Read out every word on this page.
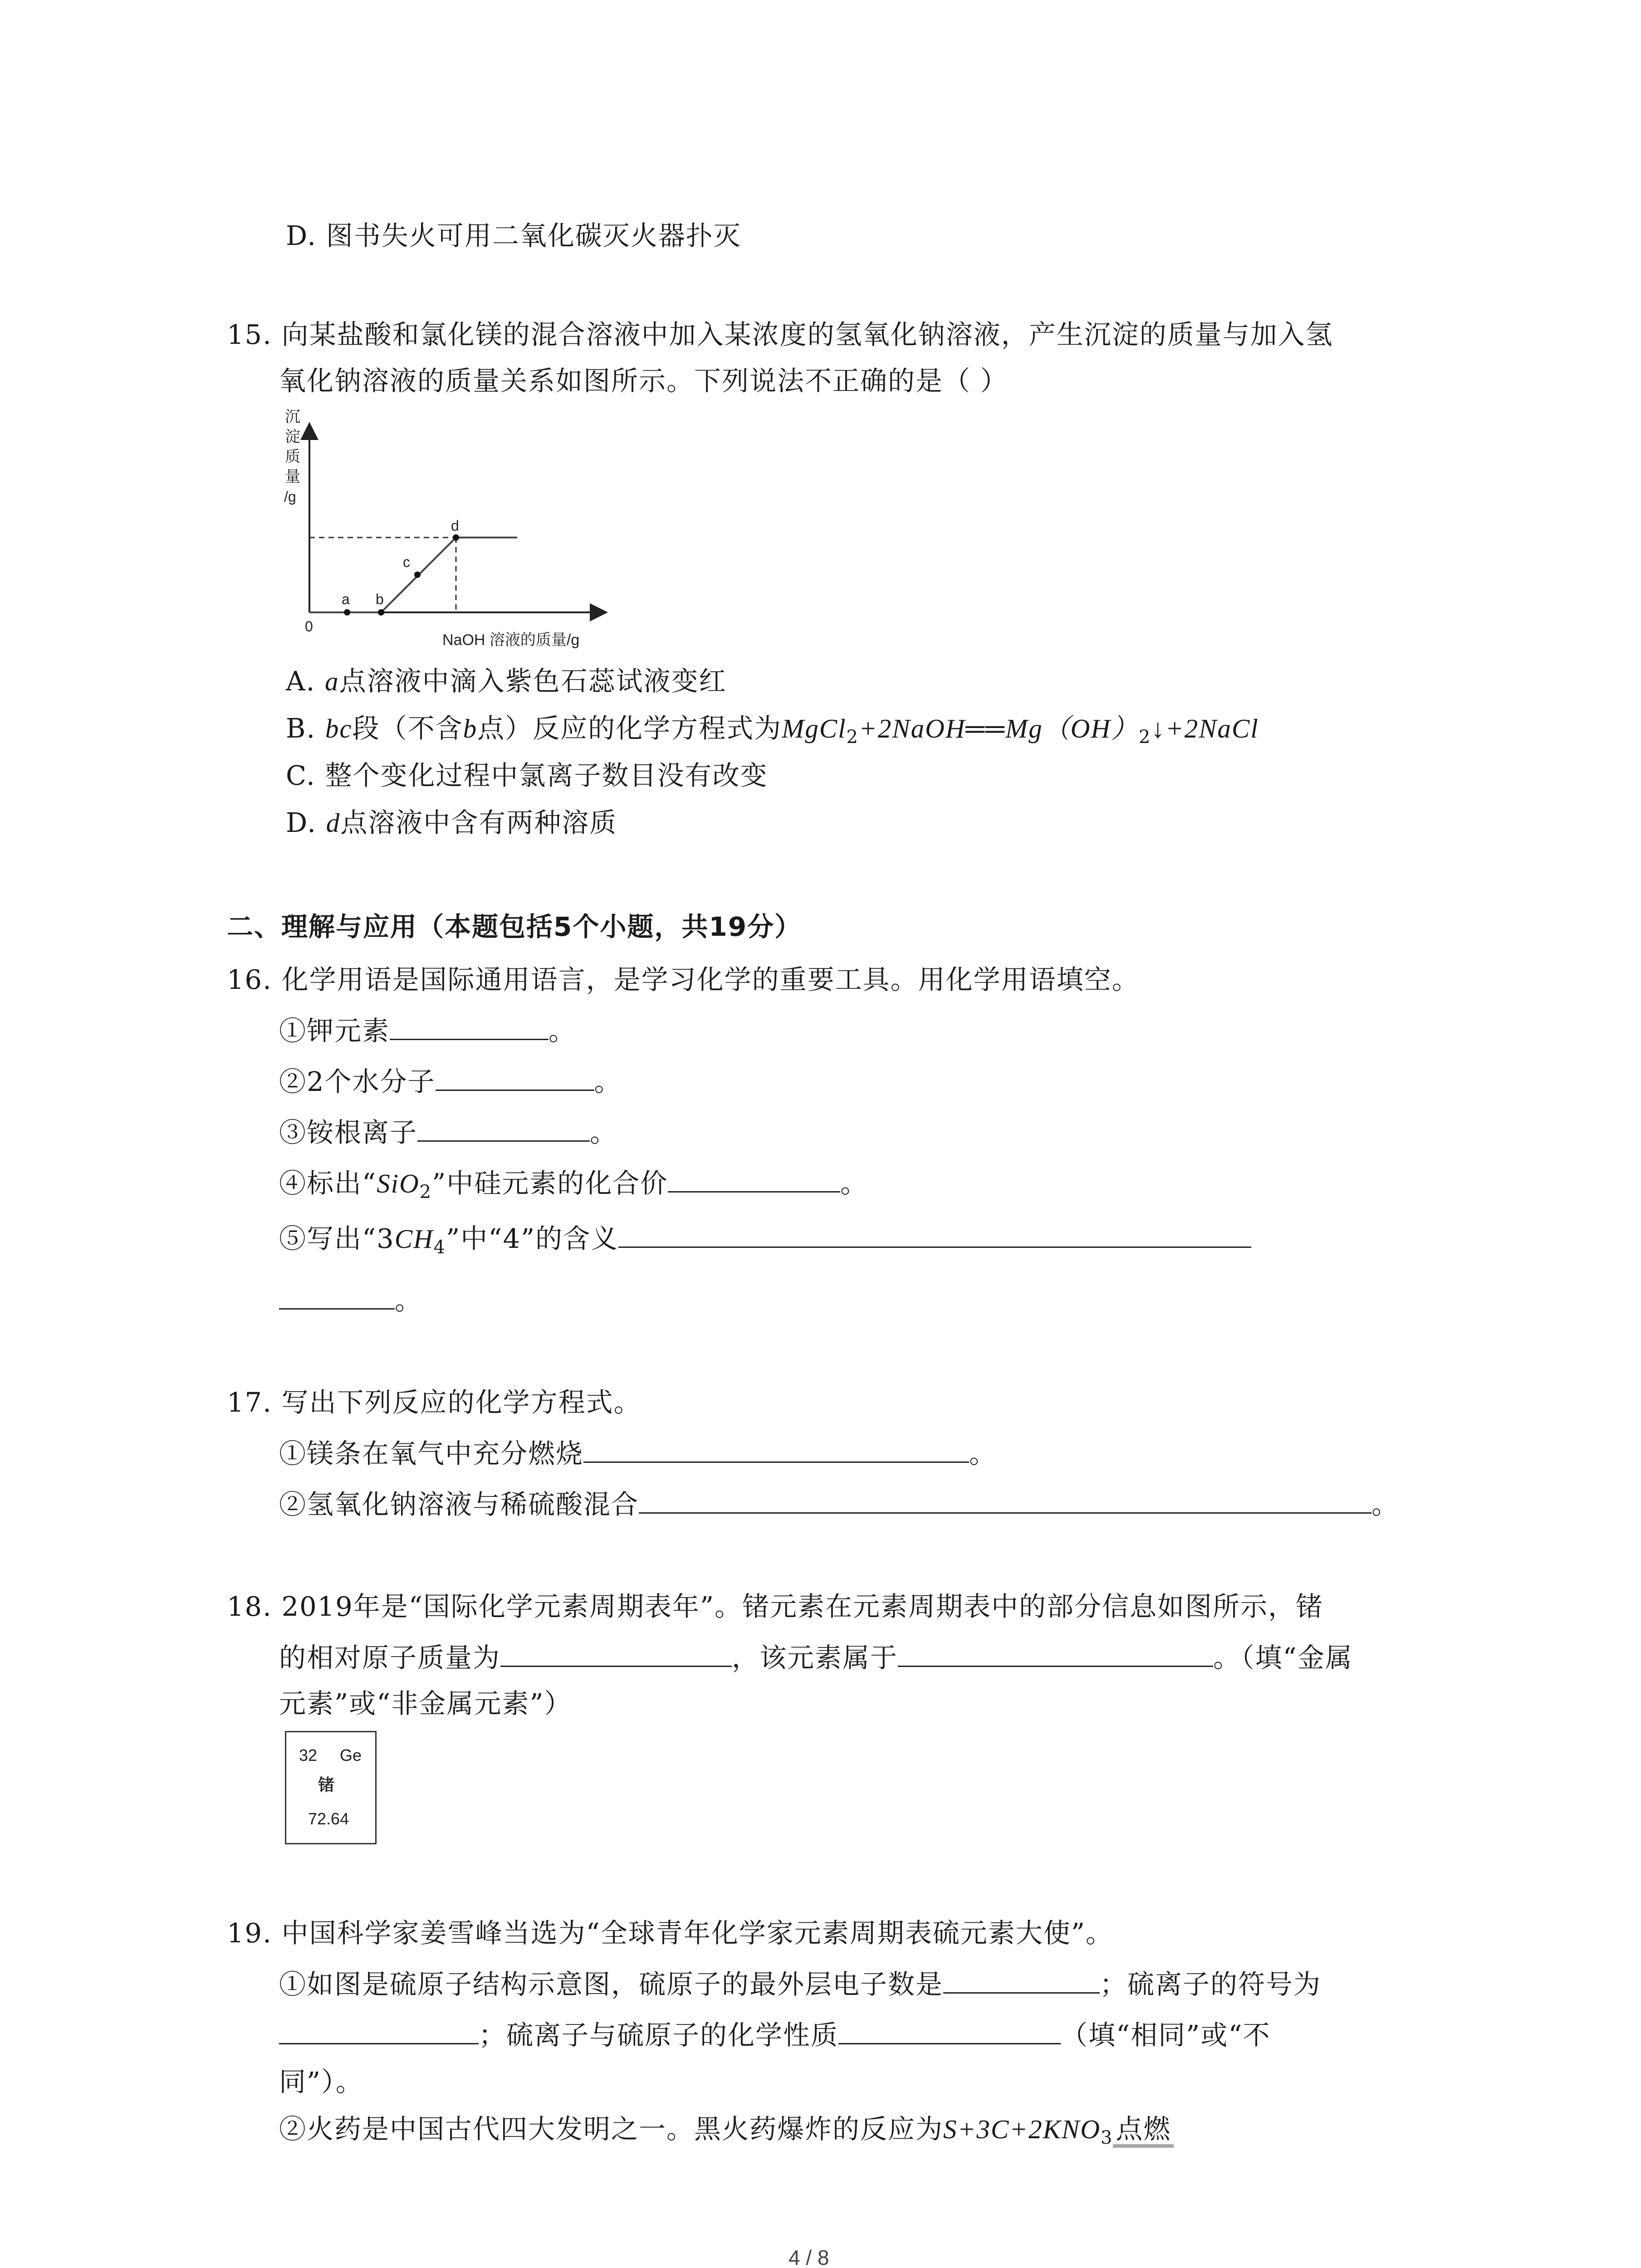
D. 图书失火可用二氧化碳灭火器扑灭
15. 向某盐酸和氯化镁的混合溶液中加入某浓度的氢氧化钠溶液，产生沉淀的质量与加入氢
氧化钠溶液的质量关系如图所示。下列说法不正确的是（ ）
沉
淀
质
量
/g
a b
c
d
0
NaOH 溶液的质量/g
A. a点溶液中滴入紫色石蕊试液变红
B. bc段（不含b点）反应的化学方程式为$MgCl_2+2NaOH══Mg(OH)_2↓+2NaCl$
C. 整个变化过程中氯离子数目没有改变
D. d点溶液中含有两种溶质
二、理解与应用（本题包括5个小题，共19分）
16. 化学用语是国际通用语言，是学习化学的重要工具。用化学用语填空。
①钾元素	。
②2个水分子	。
③铵根离子	。
④标出“SiO$_2$”中硅元素的化合价	。
⑤写出“$3CH_4$”中“4”的含义
。
17. 写出下列反应的化学方程式。
①镁条在氧气中充分燃烧	。
②氢氧化钠溶液与稀硫酸混合	。
18. 2019年是“国际化学元素周期表年”。锗元素在元素周期表中的部分信息如图所示，锗
的相对原子质量为	，该元素属于	。（填“金属
元素”或“非金属元素”）
32 Ge
锗
72.64
19. 中国科学家姜雪峰当选为“全球青年化学家元素周期表硫元素大使”。
①如图是硫原子结构示意图，硫原子的最外层电子数是	；硫离子的符号为
；硫离子与硫原子的化学性质	（填“相同”或“不
同”）。
②火药是中国古代四大发明之一。黑火药爆炸的反应为$S+3C+2KNO_3$ 点燃
4 / 8
